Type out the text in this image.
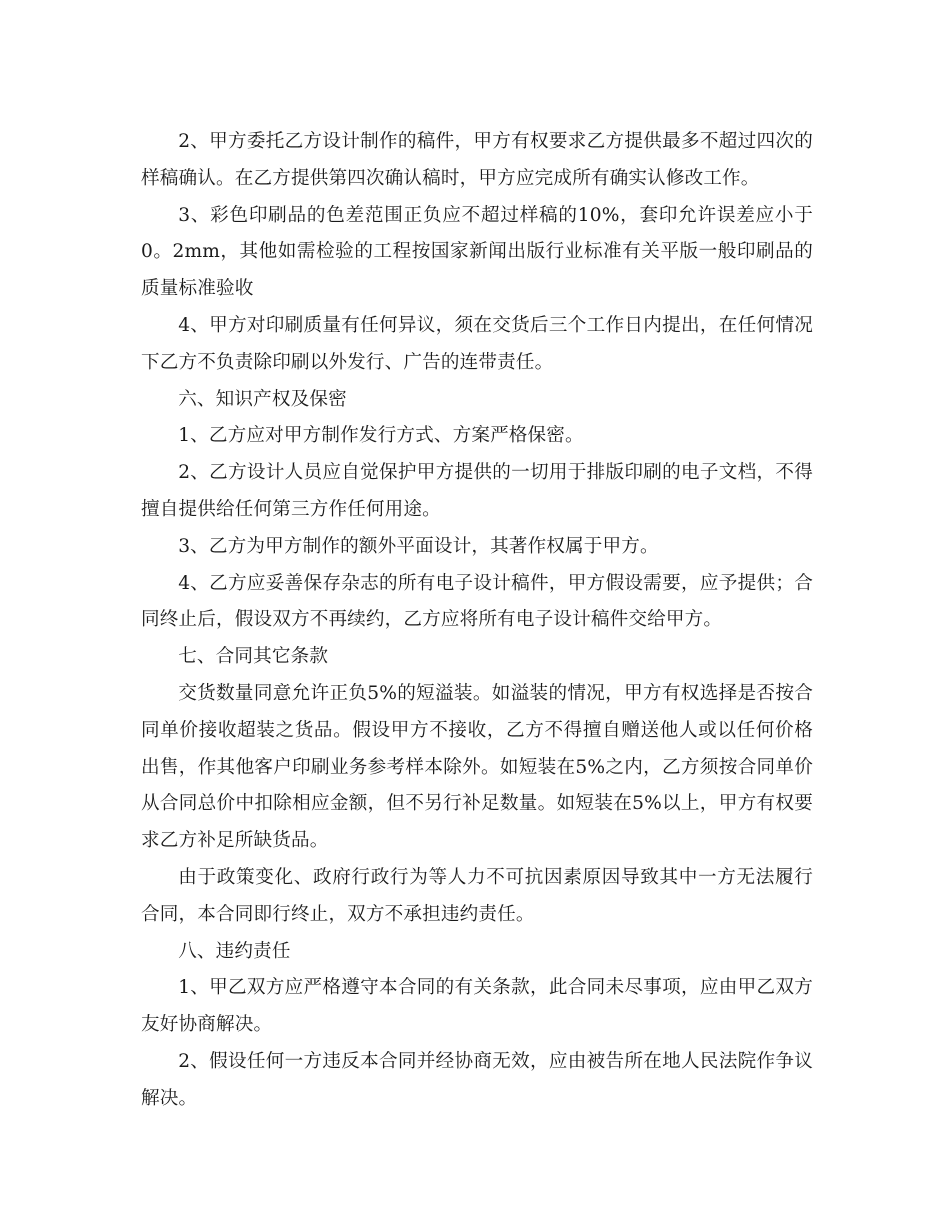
2、甲方委托乙方设计制作的稿件，甲方有权要求乙方提供最多不超过四次的样稿确认。在乙方提供第四次确认稿时，甲方应完成所有确实认修改工作。

3、彩色印刷品的色差范围正负应不超过样稿的10%，套印允许误差应小于0。2mm，其他如需检验的工程按国家新闻出版行业标准有关平版一般印刷品的质量标准验收

4、甲方对印刷质量有任何异议，须在交货后三个工作日内提出，在任何情况下乙方不负责除印刷以外发行、广告的连带责任。

六、知识产权及保密

1、乙方应对甲方制作发行方式、方案严格保密。

2、乙方设计人员应自觉保护甲方提供的一切用于排版印刷的电子文档，不得擅自提供给任何第三方作任何用途。

3、乙方为甲方制作的额外平面设计，其著作权属于甲方。

4、乙方应妥善保存杂志的所有电子设计稿件，甲方假设需要，应予提供；合同终止后，假设双方不再续约，乙方应将所有电子设计稿件交给甲方。

七、合同其它条款

交货数量同意允许正负5%的短溢装。如溢装的情况，甲方有权选择是否按合同单价接收超装之货品。假设甲方不接收，乙方不得擅自赠送他人或以任何价格出售，作其他客户印刷业务参考样本除外。如短装在5%之内，乙方须按合同单价从合同总价中扣除相应金额，但不另行补足数量。如短装在5%以上，甲方有权要求乙方补足所缺货品。

由于政策变化、政府行政行为等人力不可抗因素原因导致其中一方无法履行合同，本合同即行终止，双方不承担违约责任。

八、违约责任

1、甲乙双方应严格遵守本合同的有关条款，此合同未尽事项，应由甲乙双方友好协商解决。

2、假设任何一方违反本合同并经协商无效，应由被告所在地人民法院作争议解决。
